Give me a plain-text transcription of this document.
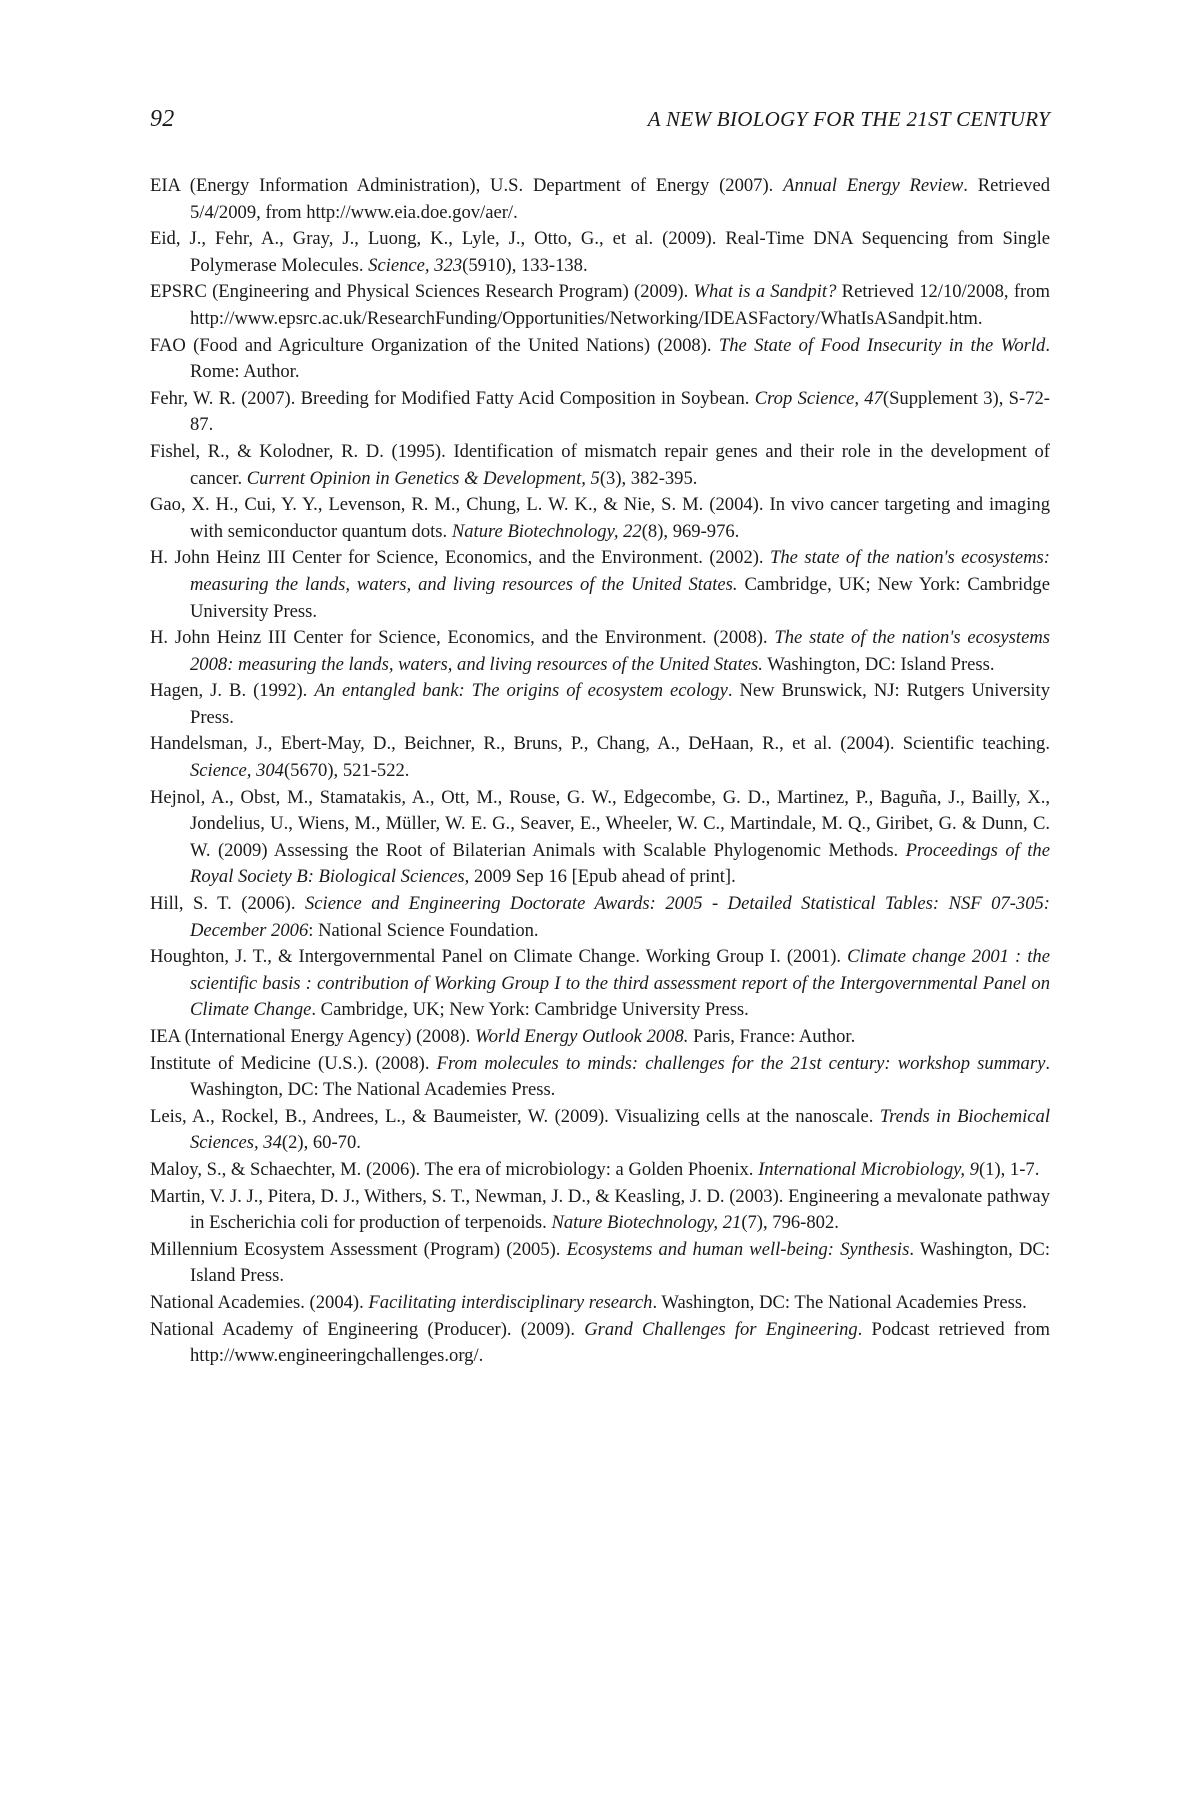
92	A NEW BIOLOGY FOR THE 21ST CENTURY

EIA (Energy Information Administration), U.S. Department of Energy (2007). Annual Energy Review. Retrieved 5/4/2009, from http://www.eia.doe.gov/aer/.

Eid, J., Fehr, A., Gray, J., Luong, K., Lyle, J., Otto, G., et al. (2009). Real-Time DNA Sequencing from Single Polymerase Molecules. Science, 323(5910), 133-138.

EPSRC (Engineering and Physical Sciences Research Program) (2009). What is a Sandpit? Retrieved 12/10/2008, from http://www.epsrc.ac.uk/ResearchFunding/Opportunities/Networking/IDEASFactory/WhatIsASandpit.htm.

FAO (Food and Agriculture Organization of the United Nations) (2008). The State of Food Insecurity in the World. Rome: Author.

Fehr, W. R. (2007). Breeding for Modified Fatty Acid Composition in Soybean. Crop Science, 47(Supplement 3), S-72-87.

Fishel, R., & Kolodner, R. D. (1995). Identification of mismatch repair genes and their role in the development of cancer. Current Opinion in Genetics & Development, 5(3), 382-395.

Gao, X. H., Cui, Y. Y., Levenson, R. M., Chung, L. W. K., & Nie, S. M. (2004). In vivo cancer targeting and imaging with semiconductor quantum dots. Nature Biotechnology, 22(8), 969-976.

H. John Heinz III Center for Science, Economics, and the Environment. (2002). The state of the nation's ecosystems: measuring the lands, waters, and living resources of the United States. Cambridge, UK; New York: Cambridge University Press.

H. John Heinz III Center for Science, Economics, and the Environment. (2008). The state of the nation's ecosystems 2008: measuring the lands, waters, and living resources of the United States. Washington, DC: Island Press.

Hagen, J. B. (1992). An entangled bank: The origins of ecosystem ecology. New Brunswick, NJ: Rutgers University Press.

Handelsman, J., Ebert-May, D., Beichner, R., Bruns, P., Chang, A., DeHaan, R., et al. (2004). Scientific teaching. Science, 304(5670), 521-522.

Hejnol, A., Obst, M., Stamatakis, A., Ott, M., Rouse, G. W., Edgecombe, G. D., Martinez, P., Baguña, J., Bailly, X., Jondelius, U., Wiens, M., Müller, W. E. G., Seaver, E., Wheeler, W. C., Martindale, M. Q., Giribet, G. & Dunn, C. W. (2009) Assessing the Root of Bilaterian Animals with Scalable Phylogenomic Methods. Proceedings of the Royal Society B: Biological Sciences, 2009 Sep 16 [Epub ahead of print].

Hill, S. T. (2006). Science and Engineering Doctorate Awards: 2005 - Detailed Statistical Tables: NSF 07-305: December 2006: National Science Foundation.

Houghton, J. T., & Intergovernmental Panel on Climate Change. Working Group I. (2001). Climate change 2001 : the scientific basis : contribution of Working Group I to the third assessment report of the Intergovernmental Panel on Climate Change. Cambridge, UK; New York: Cambridge University Press.

IEA (International Energy Agency) (2008). World Energy Outlook 2008. Paris, France: Author.

Institute of Medicine (U.S.). (2008). From molecules to minds: challenges for the 21st century: workshop summary. Washington, DC: The National Academies Press.

Leis, A., Rockel, B., Andrees, L., & Baumeister, W. (2009). Visualizing cells at the nanoscale. Trends in Biochemical Sciences, 34(2), 60-70.

Maloy, S., & Schaechter, M. (2006). The era of microbiology: a Golden Phoenix. International Microbiology, 9(1), 1-7.

Martin, V. J. J., Pitera, D. J., Withers, S. T., Newman, J. D., & Keasling, J. D. (2003). Engineering a mevalonate pathway in Escherichia coli for production of terpenoids. Nature Biotechnology, 21(7), 796-802.

Millennium Ecosystem Assessment (Program) (2005). Ecosystems and human well-being: Synthesis. Washington, DC: Island Press.

National Academies. (2004). Facilitating interdisciplinary research. Washington, DC: The National Academies Press.

National Academy of Engineering (Producer). (2009). Grand Challenges for Engineering. Podcast retrieved from http://www.engineeringchallenges.org/.
